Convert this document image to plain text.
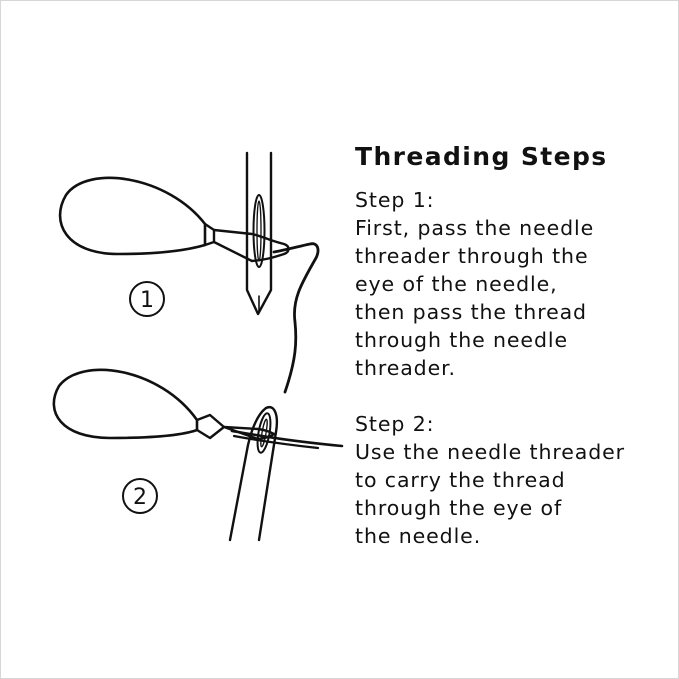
1
2
Threading Steps
Step 1:
First, pass the needle
threader through the
eye of the needle,
then pass the thread
through the needle
threader.
Step 2:
Use the needle threader
to carry the thread
through the eye of
the needle.
